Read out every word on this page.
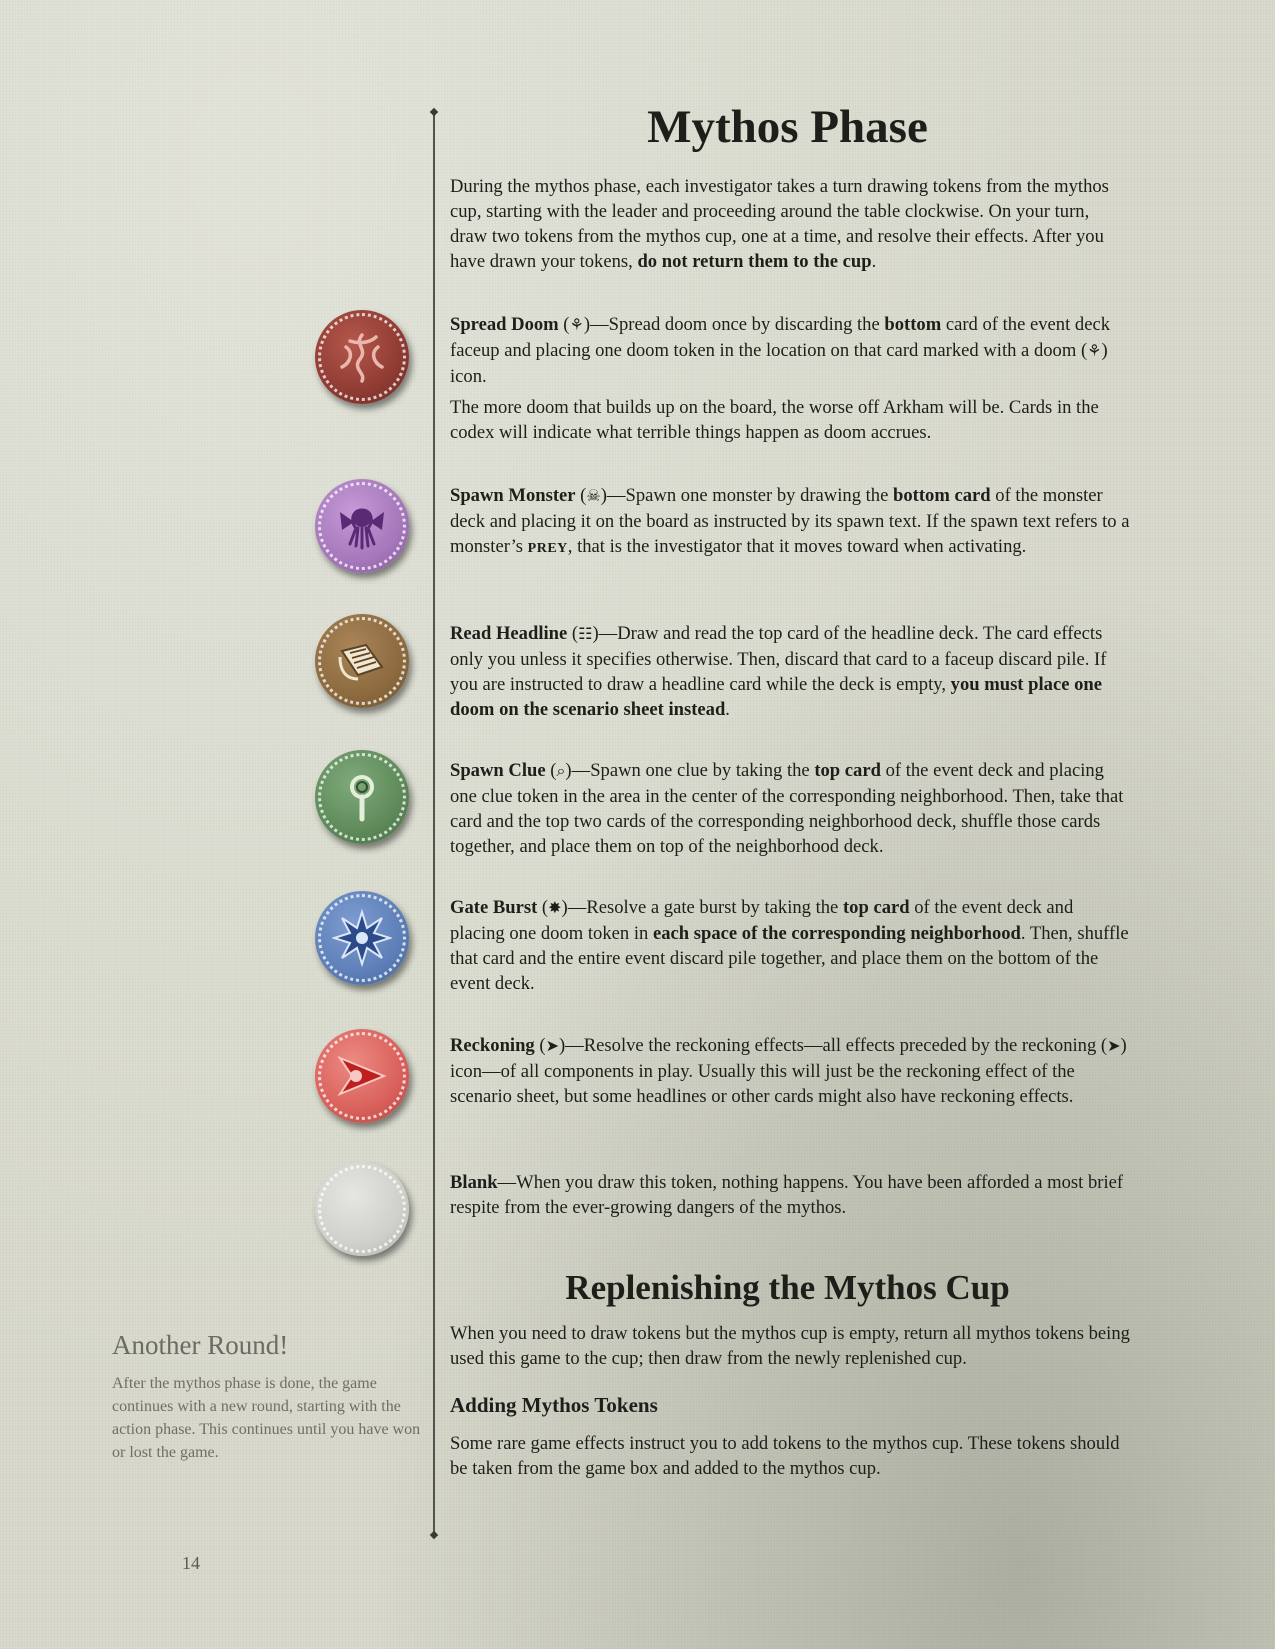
Mythos Phase

During the mythos phase, each investigator takes a turn drawing tokens from the mythos cup, starting with the leader and proceeding around the table clockwise. On your turn, draw two tokens from the mythos cup, one at a time, and resolve their effects. After you have drawn your tokens, do not return them to the cup.

Spread Doom (⚘)—Spread doom once by discarding the bottom card of the event deck faceup and placing one doom token in the location on that card marked with a doom (⚘) icon.

The more doom that builds up on the board, the worse off Arkham will be. Cards in the codex will indicate what terrible things happen as doom accrues.

Spawn Monster (☠)—Spawn one monster by drawing the bottom card of the monster deck and placing it on the board as instructed by its spawn text. If the spawn text refers to a monster’s PREY, that is the investigator that it moves toward when activating.

Read Headline (☷)—Draw and read the top card of the headline deck. The card effects only you unless it specifies otherwise. Then, discard that card to a faceup discard pile. If you are instructed to draw a headline card while the deck is empty, you must place one doom on the scenario sheet instead.

Spawn Clue (⌕)—Spawn one clue by taking the top card of the event deck and placing one clue token in the area in the center of the corresponding neighborhood. Then, take that card and the top two cards of the corresponding neighborhood deck, shuffle those cards together, and place them on top of the neighborhood deck.

Gate Burst (✸)—Resolve a gate burst by taking the top card of the event deck and placing one doom token in each space of the corresponding neighborhood. Then, shuffle that card and the entire event discard pile together, and place them on the bottom of the event deck.

Reckoning (➤)—Resolve the reckoning effects—all effects preceded by the reckoning (➤) icon—of all components in play. Usually this will just be the reckoning effect of the scenario sheet, but some headlines or other cards might also have reckoning effects.

Blank—When you draw this token, nothing happens. You have been afforded a most brief respite from the ever-growing dangers of the mythos.

Replenishing the Mythos Cup

When you need to draw tokens but the mythos cup is empty, return all mythos tokens being used this game to the cup; then draw from the newly replenished cup.

Adding Mythos Tokens

Some rare game effects instruct you to add tokens to the mythos cup. These tokens should be taken from the game box and added to the mythos cup.

Another Round!

After the mythos phase is done, the game continues with a new round, starting with the action phase. This continues until you have won or lost the game.

14
